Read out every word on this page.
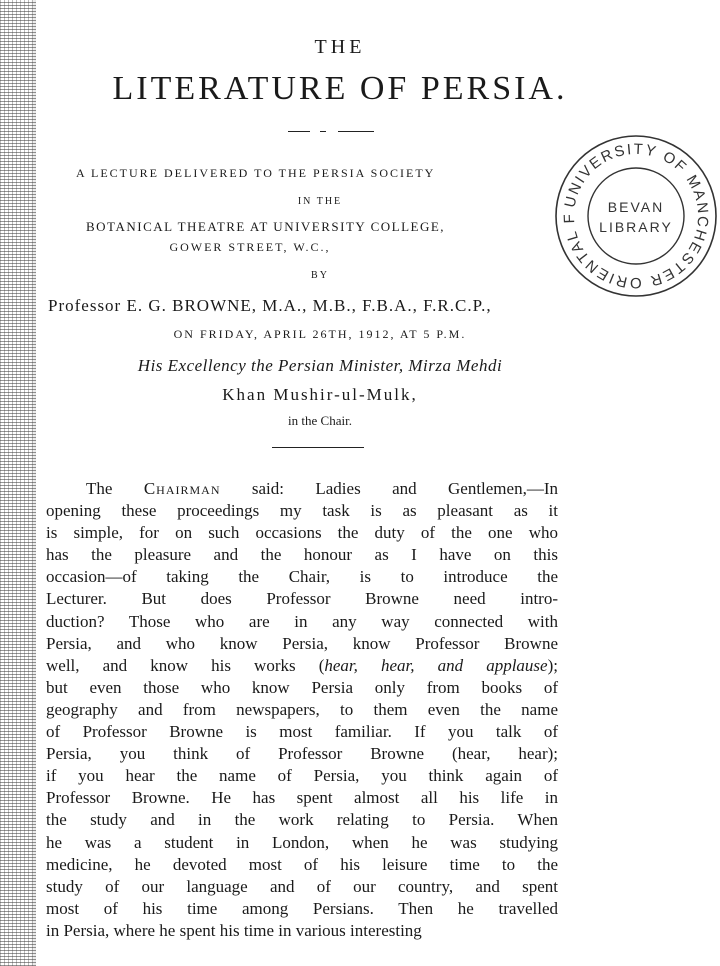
THE
LITERATURE OF PERSIA.
A LECTURE DELIVERED TO THE PERSIA SOCIETY
IN THE
BOTANICAL THEATRE AT UNIVERSITY COLLEGE,
GOWER STREET, W.C.,
BY
Professor E. G. BROWNE, M.A., M.B., F.B.A., F.R.C.P.,
ON FRIDAY, APRIL 26TH, 1912, AT 5 P.M.
His Excellency the Persian Minister, Mirza Mehdi
Khan Mushir-ul-Mulk,
in the Chair.
UNIVERSITY OF MANCHESTER ORIENTAL F
BEVAN
LIBRARY
The Chairman said: Ladies and Gentlemen,—In
opening these proceedings my task is as pleasant as it
is simple, for on such occasions the duty of the one who
has the pleasure and the honour as I have on this
occasion—of taking the Chair, is to introduce the
Lecturer. But does Professor Browne need intro-
duction? Those who are in any way connected with
Persia, and who know Persia, know Professor Browne
well, and know his works (hear, hear, and applause);
but even those who know Persia only from books of
geography and from newspapers, to them even the name
of Professor Browne is most familiar. If you talk of
Persia, you think of Professor Browne (hear, hear);
if you hear the name of Persia, you think again of
Professor Browne. He has spent almost all his life in
the study and in the work relating to Persia. When
he was a student in London, when he was studying
medicine, he devoted most of his leisure time to the
study of our language and of our country, and spent
most of his time among Persians. Then he travelled
in Persia, where he spent his time in various interesting
